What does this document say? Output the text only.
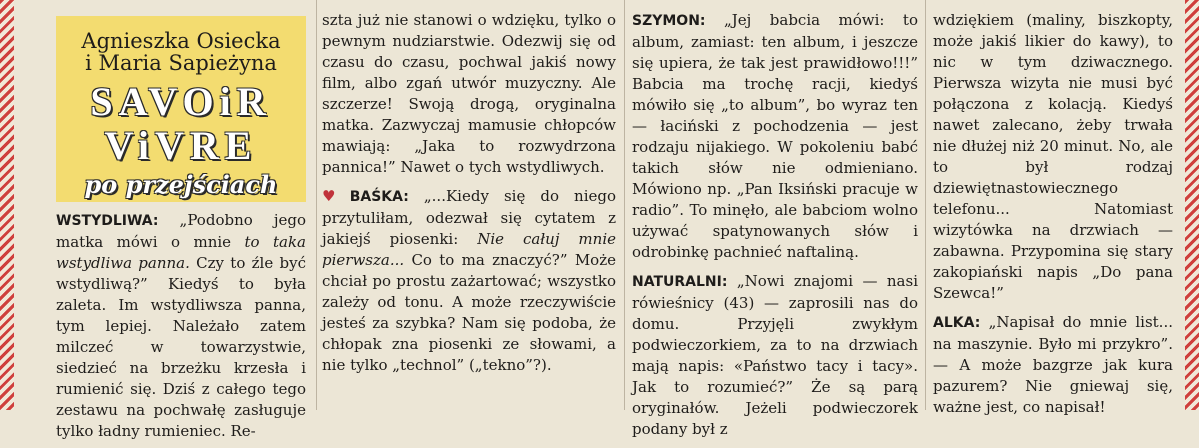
Agnieszka Osiecka
i Maria Sapieżyna
SAVOiR
ViVRE
po przejściach
WSTYDLIWA: „Podobno jego matka mówi o mnie to taka wstydliwa panna. Czy to źle być wstydliwą?” Kiedyś to była zaleta. Im wstydliwsza panna, tym lepiej. Należało zatem milczeć w towarzystwie, siedzieć na brzeżku krzesła i rumienić się. Dziś z całego tego zestawu na pochwałę zasługuje tylko ładny rumieniec. Re-

szta już nie stanowi o wdzięku, tylko o pewnym nudziarstwie. Odezwij się od czasu do czasu, pochwal jakiś nowy film, albo zgań utwór muzyczny. Ale szczerze! Swoją drogą, oryginalna matka. Zazwyczaj mamusie chłopców mawiają: „Jaka to rozwydrzona pannica!” Nawet o tych wstydliwych.

♥ BAŚKA: „...Kiedy się do niego przytuliłam, odezwał się cytatem z jakiejś piosenki: Nie całuj mnie pierwsza... Co to ma znaczyć?” Może chciał po prostu zażartować; wszystko zależy od tonu. A może rzeczywiście jesteś za szybka? Nam się podoba, że chłopak zna piosenki ze słowami, a nie tylko „technol” („tekno”?).

SZYMON: „Jej babcia mówi: to album, zamiast: ten album, i jeszcze się upiera, że tak jest prawidłowo!!!” Babcia ma trochę racji, kiedyś mówiło się „to album”, bo wyraz ten — łaciński z pochodzenia — jest rodzaju nijakiego. W pokoleniu babć takich słów nie odmieniano. Mówiono np. „Pan Iksiński pracuje w radio”. To minęło, ale babciom wolno używać spatynowanych słów i odrobinkę pachnieć naftaliną.

NATURALNI: „Nowi znajomi — nasi rówieśnicy (43) — zaprosili nas do domu. Przyjęli zwykłym podwieczorkiem, za to na drzwiach mają napis: «Państwo tacy i tacy». Jak to rozumieć?” Że są parą oryginałów. Jeżeli podwieczorek podany był z

wdziękiem (maliny, biszkopty, może jakiś likier do kawy), to nic w tym dziwacznego. Pierwsza wizyta nie musi być połączona z kolacją. Kiedyś nawet zalecano, żeby trwała nie dłużej niż 20 minut. No, ale to był rodzaj dziewiętnastowiecznego telefonu... Natomiast wizytówka na drzwiach — zabawna. Przypomina się stary zakopiański napis „Do pana Szewca!”

ALKA: „Napisał do mnie list... na maszynie. Było mi przykro”. — A może bazgrze jak kura pazurem? Nie gniewaj się, ważne jest, co napisał!
